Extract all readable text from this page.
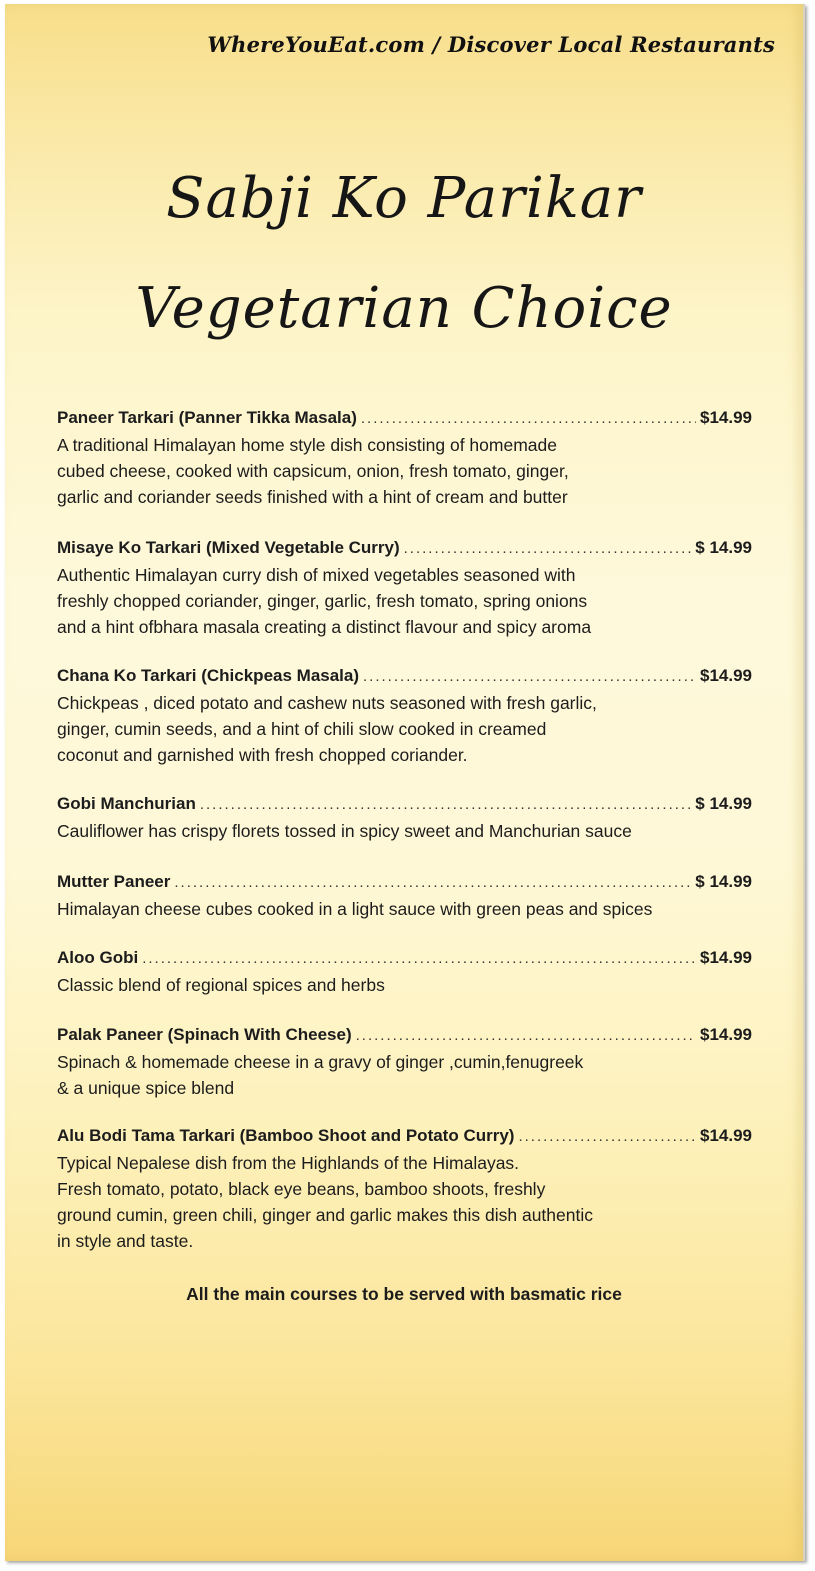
WhereYouEat.com / Discover Local Restaurants
Sabji Ko Parikar
Vegetarian Choice
Paneer Tarkari (Panner Tikka Masala) .....	$14.99
A traditional Himalayan home style dish consisting of homemade
cubed cheese, cooked with capsicum, onion, fresh tomato, ginger,
garlic and coriander seeds finished with a hint of cream and butter
Misaye Ko Tarkari (Mixed Vegetable Curry) .....	$ 14.99
Authentic Himalayan curry dish of mixed vegetables seasoned with
freshly chopped coriander, ginger, garlic, fresh tomato, spring onions
and a hint ofbhara masala creating a distinct flavour and spicy aroma
Chana Ko Tarkari (Chickpeas Masala) .....	$14.99
Chickpeas , diced potato and cashew nuts seasoned with fresh garlic,
ginger, cumin seeds, and a hint of chili slow cooked in creamed
coconut and garnished with fresh chopped coriander.
Gobi Manchurian .....	$ 14.99
Cauliflower has crispy florets tossed in spicy sweet and Manchurian sauce
Mutter Paneer .....	$ 14.99
Himalayan cheese cubes cooked in a light sauce with green peas and spices
Aloo Gobi .....	$14.99
Classic blend of regional spices and herbs
Palak Paneer (Spinach With Cheese) .....	$14.99
Spinach & homemade cheese in a gravy of ginger ,cumin,fenugreek
& a unique spice blend
Alu Bodi Tama Tarkari (Bamboo Shoot and Potato Curry) .....	$14.99
Typical Nepalese dish from the Highlands of the Himalayas.
Fresh tomato, potato, black eye beans, bamboo shoots, freshly
ground cumin, green chili, ginger and garlic makes this dish authentic
in style and taste.
All the main courses to be served with basmatic rice
